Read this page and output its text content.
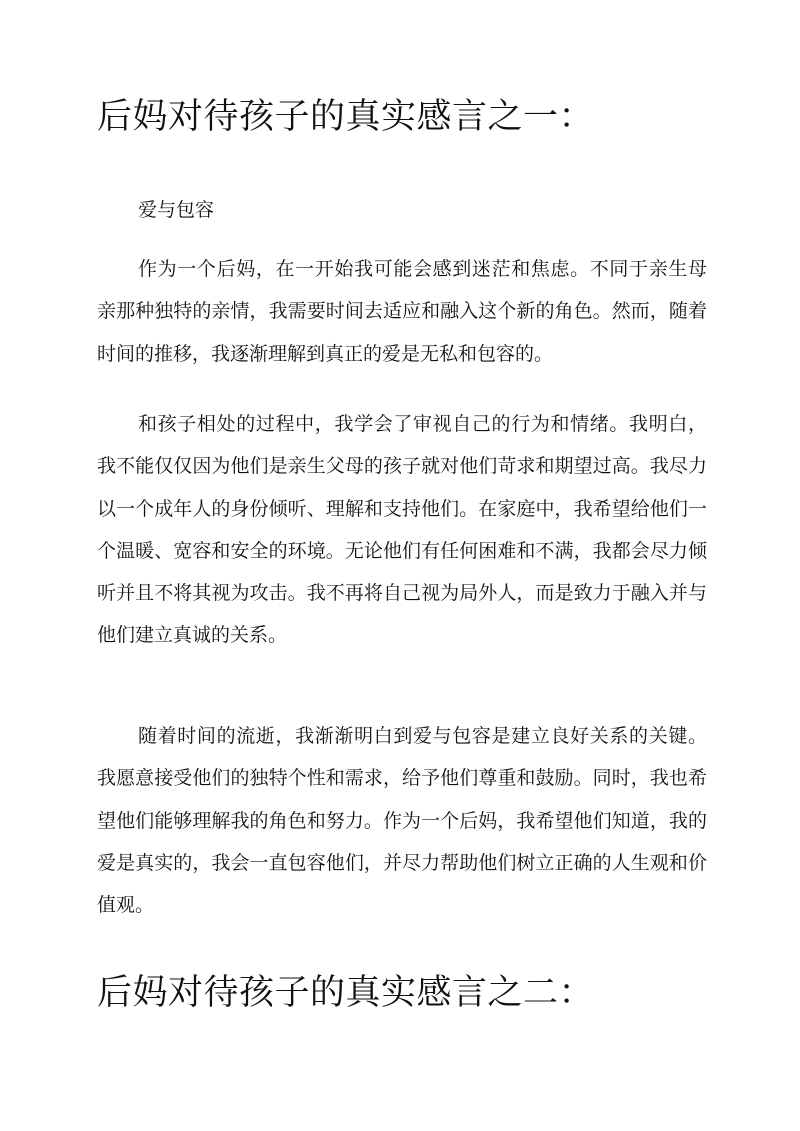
后妈对待孩子的真实感言之一：

爱与包容

作为一个后妈，在一开始我可能会感到迷茫和焦虑。不同于亲生母亲那种独特的亲情，我需要时间去适应和融入这个新的角色。然而，随着时间的推移，我逐渐理解到真正的爱是无私和包容的。

和孩子相处的过程中，我学会了审视自己的行为和情绪。我明白，我不能仅仅因为他们是亲生父母的孩子就对他们苛求和期望过高。我尽力以一个成年人的身份倾听、理解和支持他们。在家庭中，我希望给他们一个温暖、宽容和安全的环境。无论他们有任何困难和不满，我都会尽力倾听并且不将其视为攻击。我不再将自己视为局外人，而是致力于融入并与他们建立真诚的关系。

随着时间的流逝，我渐渐明白到爱与包容是建立良好关系的关键。我愿意接受他们的独特个性和需求，给予他们尊重和鼓励。同时，我也希望他们能够理解我的角色和努力。作为一个后妈，我希望他们知道，我的爱是真实的，我会一直包容他们，并尽力帮助他们树立正确的人生观和价值观。

后妈对待孩子的真实感言之二：
